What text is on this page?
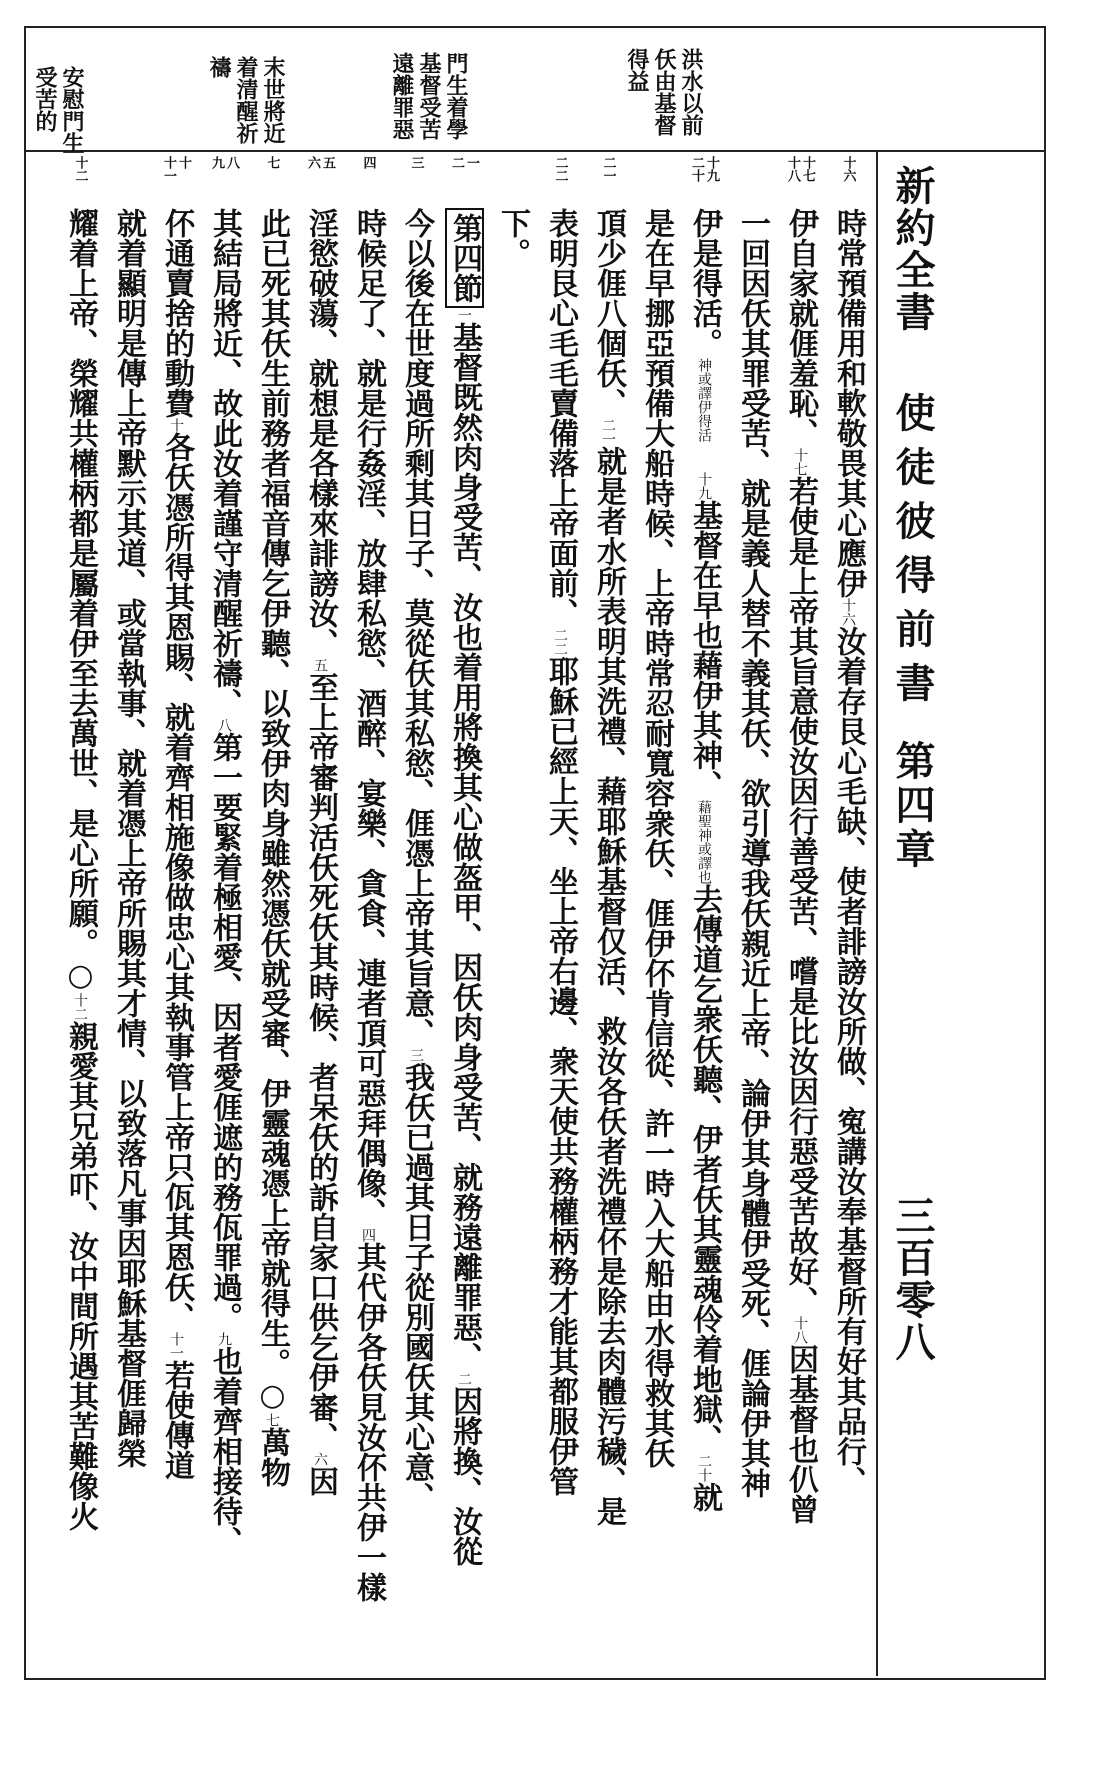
新約全書
使徒彼得前書
第四章
三百零八
洪水以前
仸由基督
得益
門生着學
基督受苦
遠離罪惡
末世將近
着清醒祈
禱
安慰門生
受苦的
十六
十七
十八
十九
二十
二一
二二
一
二
三
四
五
六
七
八
九
十
十一
十二
時常預備用和軟敬畏其心應伊十六汝着存艮心毛缺、使者誹謗汝所做、寃講汝奉基督所有好其品行、
伊自家就𠊎羞恥、十七若使是上帝其旨意使汝因行善受苦、嚐是比汝因行惡受苦故好、十八因基督也仈曾
一回因仸其罪受苦、就是義人替不義其仸、欲引導我仸親近上帝、論伊其身體伊受死、𠊎論伊其神
伊是得活。神或譯伊得活　十九基督在早也藉伊其神、藉聖神或譯也去傳道乞衆仸聽、伊者仸其靈魂伶着地獄、二十就
是在早挪亞預備大船時候、上帝時常忍耐寬容衆仸、𠊎伊伓肯信從、許一時入大船由水得救其仸
頂少𠊎八個仸、二一就是者水所表明其洗禮、藉耶穌基督仅活、救汝各仸者洗禮伓是除去肉體污穢、是
表明艮心毛毛賣備落上帝面前、二二耶穌已經上天、坐上帝右邊、衆天使共務權柄務才能其都服伊管
下。
第四節一基督既然肉身受苦、汝也着用將換其心做盔甲、因仸肉身受苦、就務遠離罪惡、二因將換、汝從
今以後在世度過所剩其日子、莫從仸其私慾、𠊎憑上帝其旨意、三我仸已過其日子從別國仸其心意、
時候足了、就是行姦淫、放肆私慾、酒醉、宴樂、貪食、連者頂可惡拜偶像、四其代伊各仸見汝伓共伊一樣
淫慾破蕩、就想是各樣來誹謗汝、五至上帝審判活仸死仸其時候、者呆仸的訴自家口供乞伊審、六因
此已死其仸生前務者福音傳乞伊聽、以致伊肉身雖然憑仸就受審、伊靈魂憑上帝就得生。○七萬物
其結局將近、故此汝着謹守清醒祈禱、八第一要緊着極相愛、因者愛𠊎遮的務佤罪過。九也着齊相接待、
伓通賣捨的動費十各仸憑所得其恩賜、就着齊相施像做忠心其執事管上帝只佤其恩仸、十一若使傳道
就着顯明是傳上帝默示其道、或當執事、就着憑上帝所賜其才情、以致落凡事因耶穌基督𠊎歸榮
耀着上帝、榮耀共權柄都是屬着伊至去萬世、是心所願。○十二親愛其兄弟吓、汝中間所遇其苦難像火
